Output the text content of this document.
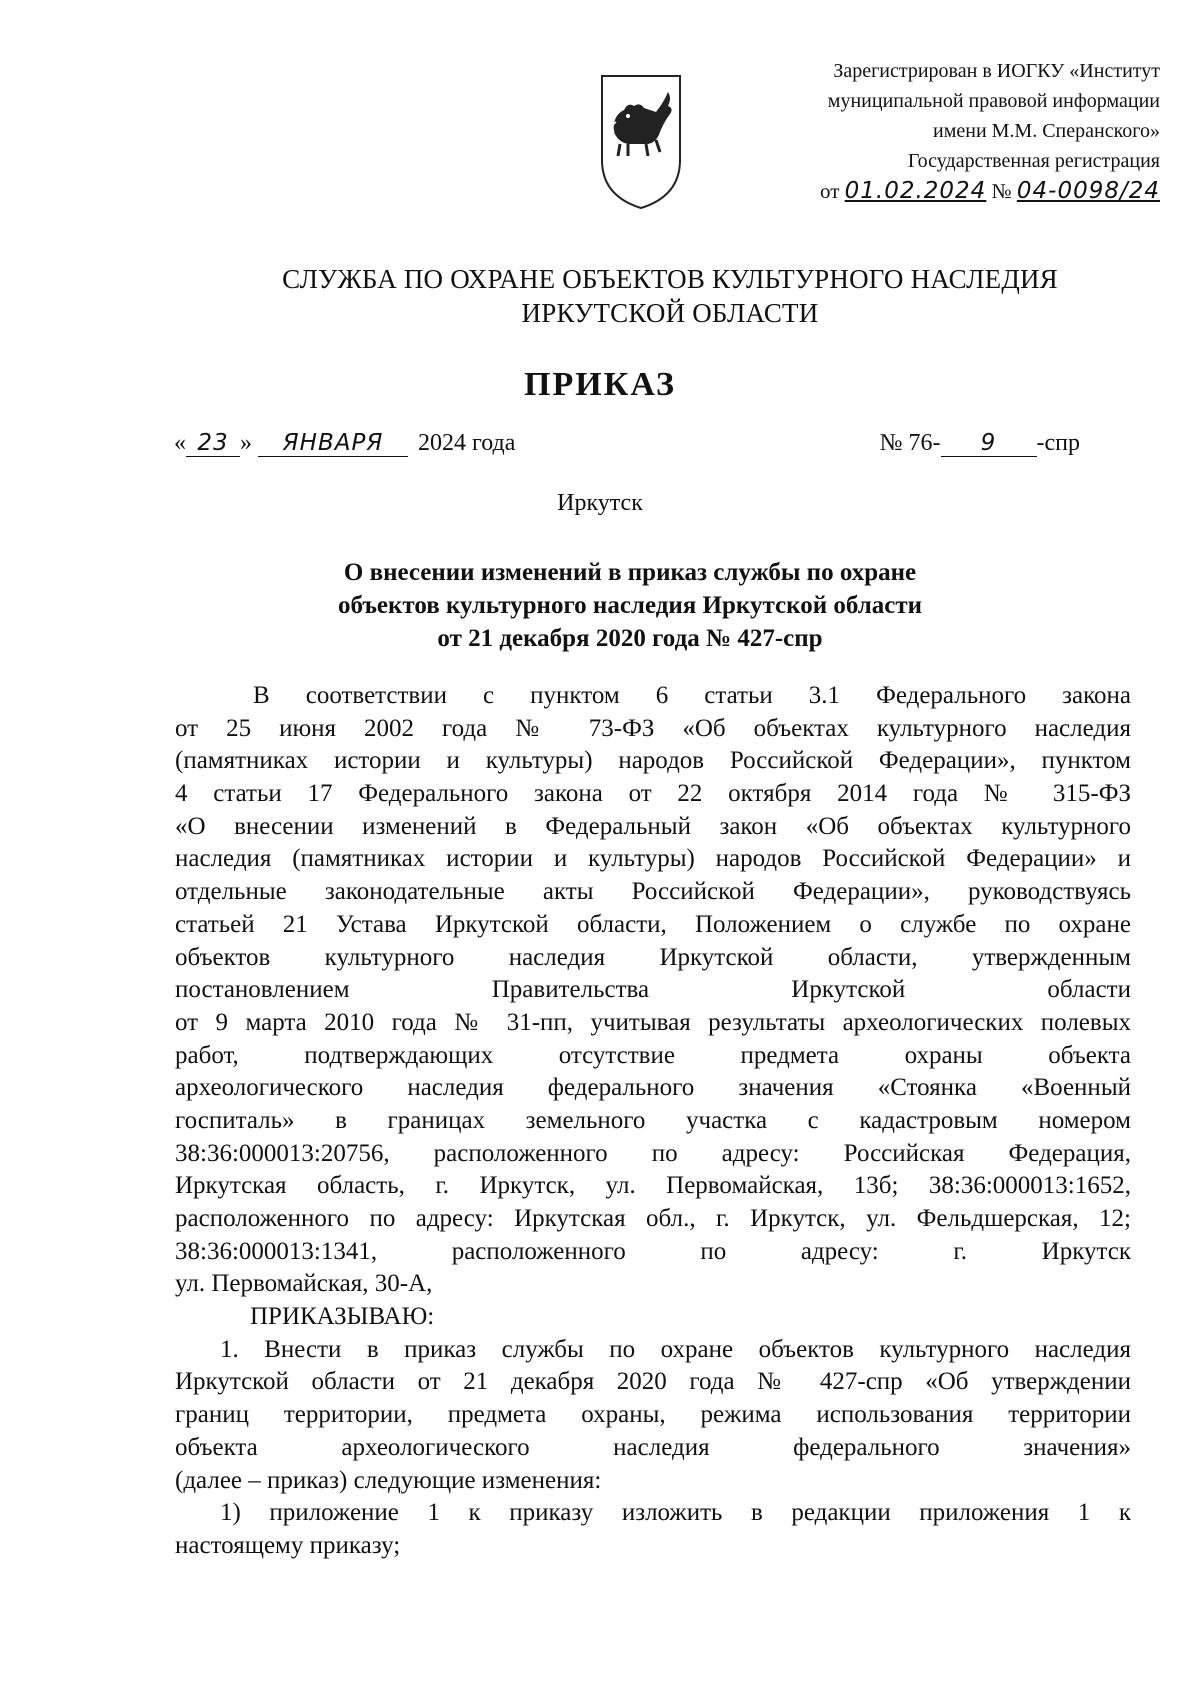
Зарегистрирован в ИОГКУ «Институт
муниципальной правовой информации
имени М.М. Сперанского»
Государственная регистрация
от 01.02.2024 № 04-0098/24
СЛУЖБА ПО ОХРАНЕ ОБЪЕКТОВ КУЛЬТУРНОГО НАСЛЕДИЯ
ИРКУТСКОЙ ОБЛАСТИ
ПРИКАЗ
« 23 » ЯНВАРЯ 2024 года	№ 76- 9 -спр
Иркутск
О внесении изменений в приказ службы по охране
объектов культурного наследия Иркутской области
от 21 декабря 2020 года № 427-спр
В соответствии с пунктом 6 статьи 3.1 Федерального закона
от 25 июня 2002 года № 73-ФЗ «Об объектах культурного наследия
(памятниках истории и культуры) народов Российской Федерации», пунктом
4 статьи 17 Федерального закона от 22 октября 2014 года № 315-ФЗ
«О внесении изменений в Федеральный закон «Об объектах культурного
наследия (памятниках истории и культуры) народов Российской Федерации» и
отдельные законодательные акты Российской Федерации», руководствуясь
статьей 21 Устава Иркутской области, Положением о службе по охране
объектов культурного наследия Иркутской области, утвержденным
постановлением Правительства Иркутской области
от 9 марта 2010 года № 31-пп, учитывая результаты археологических полевых
работ, подтверждающих отсутствие предмета охраны объекта
археологического наследия федерального значения «Стоянка «Военный
госпиталь» в границах земельного участка с кадастровым номером
38:36:000013:20756, расположенного по адресу: Российская Федерация,
Иркутская область, г. Иркутск, ул. Первомайская, 13б; 38:36:000013:1652,
расположенного по адресу: Иркутская обл., г. Иркутск, ул. Фельдшерская, 12;
38:36:000013:1341, расположенного по адресу: г. Иркутск
ул. Первомайская, 30-А,
ПРИКАЗЫВАЮ:
1. Внести в приказ службы по охране объектов культурного наследия
Иркутской области от 21 декабря 2020 года № 427-спр «Об утверждении
границ территории, предмета охраны, режима использования территории
объекта археологического наследия федерального значения»
(далее – приказ) следующие изменения:
1) приложение 1 к приказу изложить в редакции приложения 1 к
настоящему приказу;
